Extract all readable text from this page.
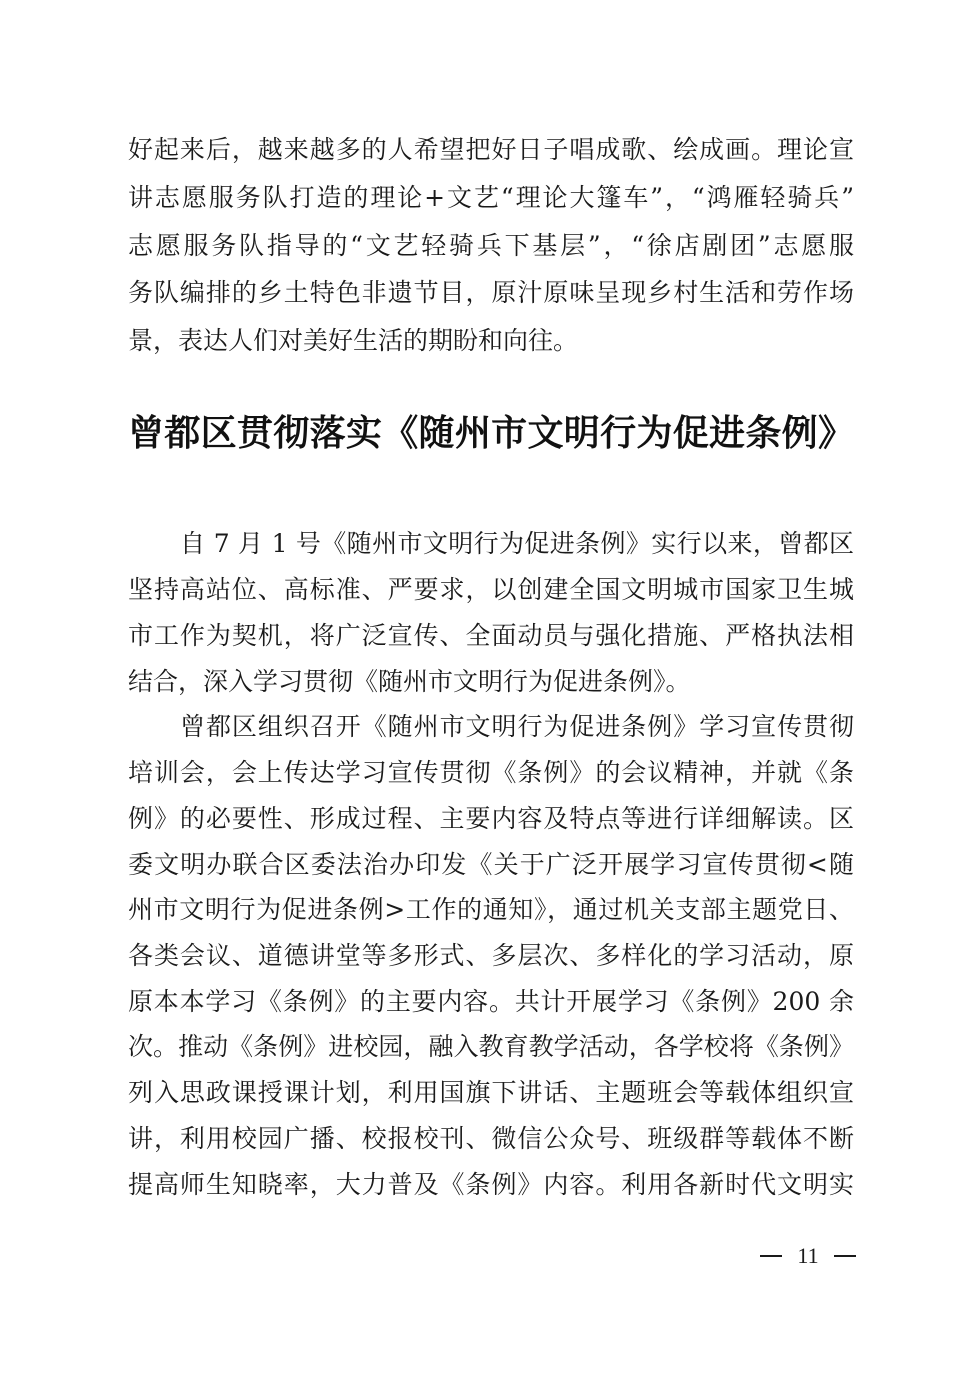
好起来后，越来越多的人希望把好日子唱成歌、绘成画。理论宣
讲志愿服务队打造的理论+文艺“理论大篷车”，“鸿雁轻骑兵”
志愿服务队指导的“文艺轻骑兵下基层”，“徐店剧团”志愿服
务队编排的乡土特色非遗节目，原汁原味呈现乡村生活和劳作场
景，表达人们对美好生活的期盼和向往。
曾都区贯彻落实《随州市文明行为促进条例》
自 7 月 1 号《随州市文明行为促进条例》实行以来，曾都区
坚持高站位、高标准、严要求，以创建全国文明城市国家卫生城
市工作为契机，将广泛宣传、全面动员与强化措施、严格执法相
结合，深入学习贯彻《随州市文明行为促进条例》。
曾都区组织召开《随州市文明行为促进条例》学习宣传贯彻
培训会，会上传达学习宣传贯彻《条例》的会议精神，并就《条
例》的必要性、形成过程、主要内容及特点等进行详细解读。区
委文明办联合区委法治办印发《关于广泛开展学习宣传贯彻<随
州市文明行为促进条例>工作的通知》，通过机关支部主题党日、
各类会议、道德讲堂等多形式、多层次、多样化的学习活动，原
原本本学习《条例》的主要内容。共计开展学习《条例》200 余
次。推动《条例》进校园，融入教育教学活动，各学校将《条例》
列入思政课授课计划，利用国旗下讲话、主题班会等载体组织宣
讲，利用校园广播、校报校刊、微信公众号、班级群等载体不断
提高师生知晓率，大力普及《条例》内容。利用各新时代文明实
11
